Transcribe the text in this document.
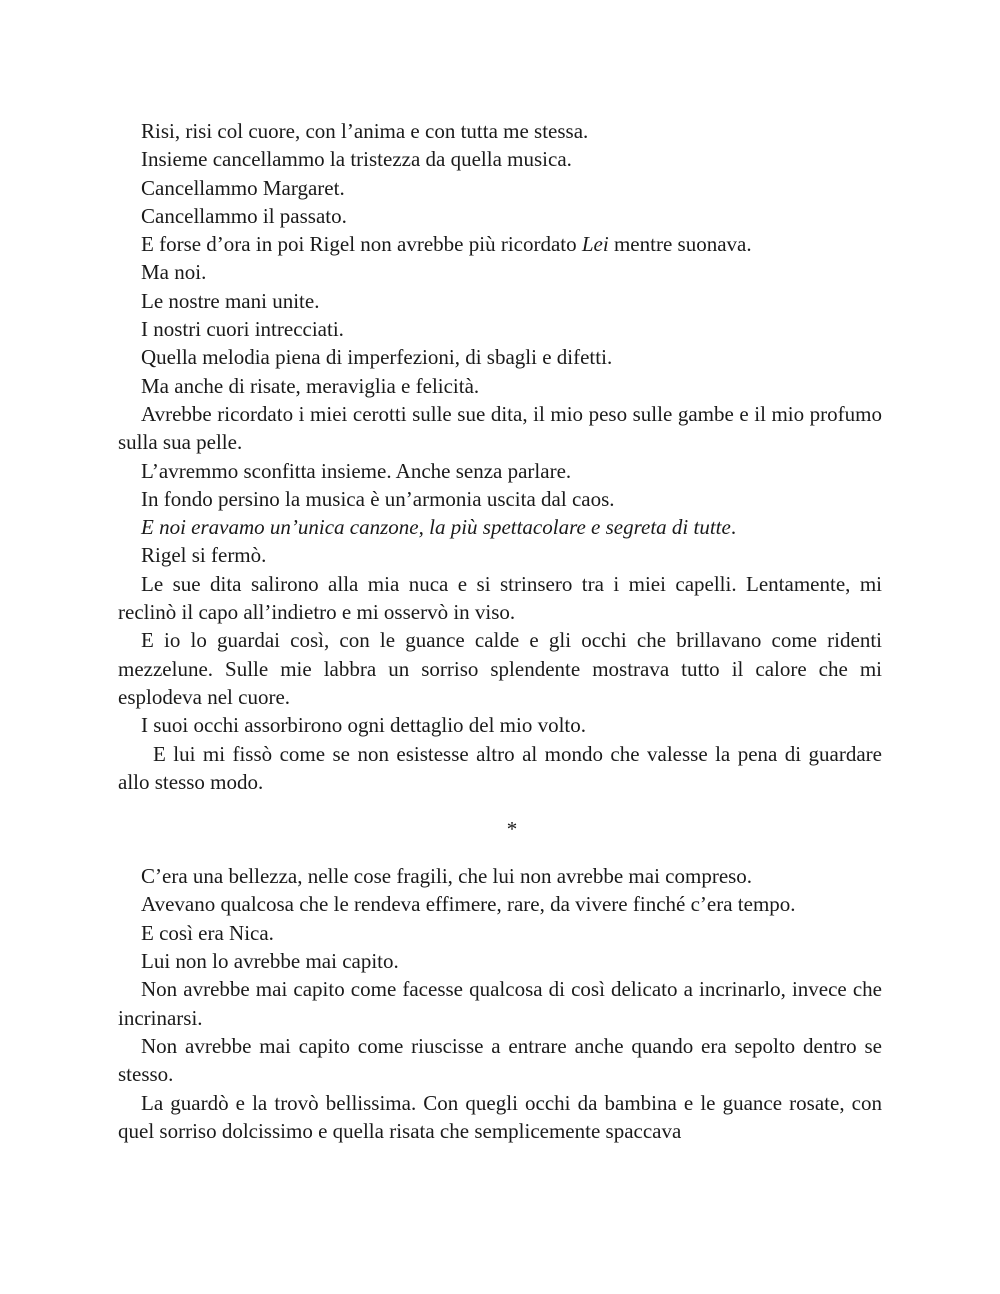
Risi, risi col cuore, con l’anima e con tutta me stessa.

Insieme cancellammo la tristezza da quella musica.

Cancellammo Margaret.

Cancellammo il passato.

E forse d’ora in poi Rigel non avrebbe più ricordato Lei mentre suonava.

Ma noi.

Le nostre mani unite.

I nostri cuori intrecciati.

Quella melodia piena di imperfezioni, di sbagli e difetti.

Ma anche di risate, meraviglia e felicità.

Avrebbe ricordato i miei cerotti sulle sue dita, il mio peso sulle gambe e il mio profumo sulla sua pelle.

L’avremmo sconfitta insieme. Anche senza parlare.

In fondo persino la musica è un’armonia uscita dal caos.

E noi eravamo un’unica canzone, la più spettacolare e segreta di tutte.

Rigel si fermò.

Le sue dita salirono alla mia nuca e si strinsero tra i miei capelli. Lentamente, mi reclinò il capo all’indietro e mi osservò in viso.

E io lo guardai così, con le guance calde e gli occhi che brillavano come ridenti mezzelune. Sulle mie labbra un sorriso splendente mostrava tutto il calore che mi esplodeva nel cuore.

I suoi occhi assorbirono ogni dettaglio del mio volto.

E lui mi fissò come se non esistesse altro al mondo che valesse la pena di guardare allo stesso modo.

*

C’era una bellezza, nelle cose fragili, che lui non avrebbe mai compreso.

Avevano qualcosa che le rendeva effimere, rare, da vivere finché c’era tempo.

E così era Nica.

Lui non lo avrebbe mai capito.

Non avrebbe mai capito come facesse qualcosa di così delicato a incrinarlo, invece che incrinarsi.

Non avrebbe mai capito come riuscisse a entrare anche quando era sepolto dentro se stesso.

La guardò e la trovò bellissima. Con quegli occhi da bambina e le guance rosate, con quel sorriso dolcissimo e quella risata che semplicemente spaccava
